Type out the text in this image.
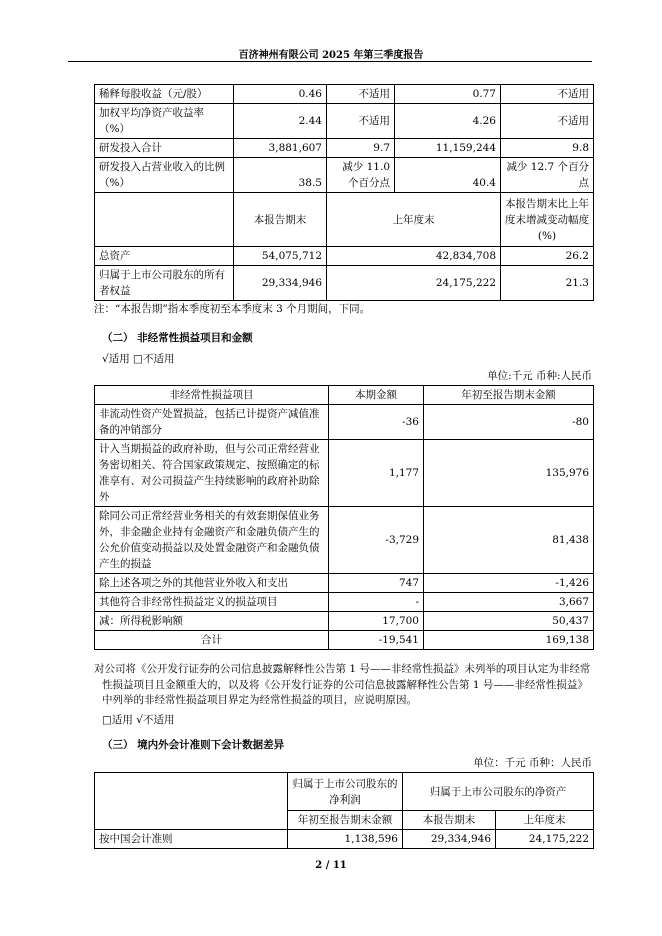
百济神州有限公司 2025 年第三季度报告
稀释每股收益（元/股）	0.46	不适用	0.77	不适用
加权平均净资产收益率（%）	2.44	不适用	4.26	不适用
研发投入合计	3,881,607	9.7	11,159,244	9.8
研发投入占营业收入的比例（%）	38.5	减少 11.0 个百分点	40.4	减少 12.7 个百分点
	本报告期末	上年度末		本报告期末比上年度末增减变动幅度(%)
总资产	54,075,712	42,834,708		26.2
归属于上市公司股东的所有者权益	29,334,946	24,175,222		21.3
注：“本报告期”指本季度初至本季度末 3 个月期间，下同。
（二） 非经常性损益项目和金额
√适用 □不适用
单位:千元 币种:人民币
非经常性损益项目	本期金额	年初至报告期末金额
非流动性资产处置损益，包括已计提资产减值准备的冲销部分	-36	-80
计入当期损益的政府补助，但与公司正常经营业务密切相关、符合国家政策规定、按照确定的标准享有、对公司损益产生持续影响的政府补助除外	1,177	135,976
除同公司正常经营业务相关的有效套期保值业务外，非金融企业持有金融资产和金融负债产生的公允价值变动损益以及处置金融资产和金融负债产生的损益	-3,729	81,438
除上述各项之外的其他营业外收入和支出	747	-1,426
其他符合非经常性损益定义的损益项目	-	3,667
减：所得税影响额	17,700	50,437
合计	-19,541	169,138
对公司将《公开发行证券的公司信息披露解释性公告第 1 号——非经常性损益》未列举的项目认定为非经常性损益项目且金额重大的，以及将《公开发行证券的公司信息披露解释性公告第 1 号——非经常性损益》中列举的非经常性损益项目界定为经常性损益的项目，应说明原因。
□适用 √不适用
（三） 境内外会计准则下会计数据差异
单位：千元 币种：人民币
	归属于上市公司股东的净利润	归属于上市公司股东的净资产	
	年初至报告期末金额	本报告期末	上年度末
按中国会计准则	1,138,596	29,334,946	24,175,222
2 / 11
